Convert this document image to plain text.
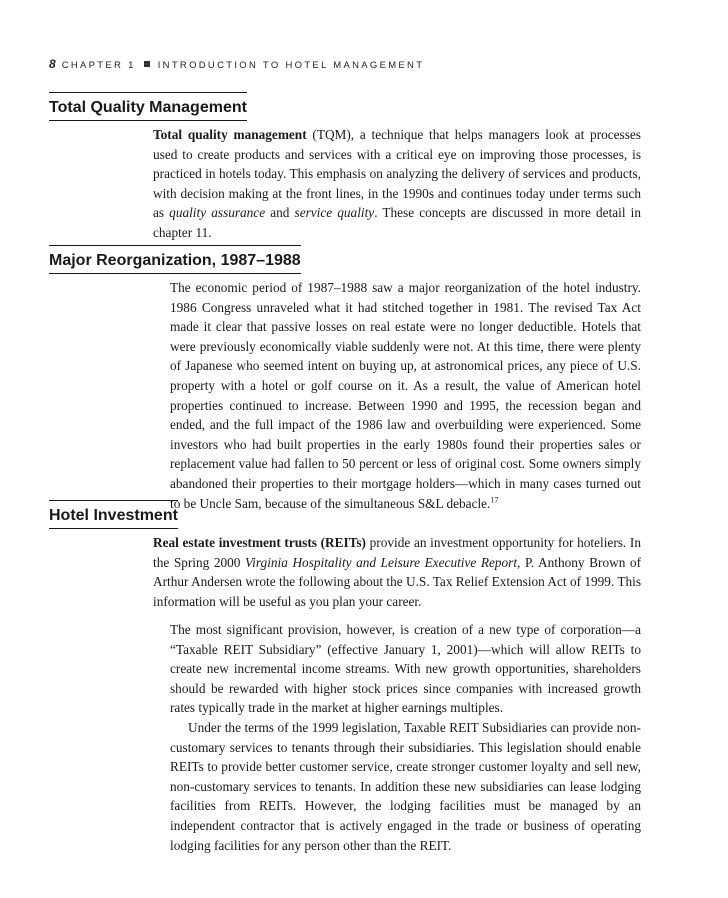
8 CHAPTER 1 INTRODUCTION TO HOTEL MANAGEMENT
Total Quality Management

Total quality management (TQM), a technique that helps managers look at processes used to create products and services with a critical eye on improving those processes, is practiced in hotels today. This emphasis on analyzing the delivery of services and products, with decision making at the front lines, in the 1990s and continues today under terms such as quality assurance and service quality. These concepts are discussed in more detail in chapter 11.

Major Reorganization, 1987–1988

The economic period of 1987–1988 saw a major reorganization of the hotel industry. 1986 Congress unraveled what it had stitched together in 1981. The revised Tax Act made it clear that passive losses on real estate were no longer deductible. Hotels that were previously economically viable suddenly were not. At this time, there were plenty of Japanese who seemed intent on buying up, at astronomical prices, any piece of U.S. property with a hotel or golf course on it. As a result, the value of American hotel properties continued to increase. Between 1990 and 1995, the recession began and ended, and the full impact of the 1986 law and overbuilding were experienced. Some investors who had built properties in the early 1980s found their properties sales or replacement value had fallen to 50 percent or less of original cost. Some owners simply abandoned their properties to their mortgage holders—which in many cases turned out to be Uncle Sam, because of the simultaneous S&L debacle.$^{17}$

Hotel Investment

Real estate investment trusts (REITs) provide an investment opportunity for hoteliers. In the Spring 2000 Virginia Hospitality and Leisure Executive Report, P. Anthony Brown of Arthur Andersen wrote the following about the U.S. Tax Relief Extension Act of 1999. This information will be useful as you plan your career.

The most significant provision, however, is creation of a new type of corporation—a “Taxable REIT Subsidiary” (effective January 1, 2001)—which will allow REITs to create new incremental income streams. With new growth opportunities, shareholders should be rewarded with higher stock prices since companies with increased growth rates typically trade in the market at higher earnings multiples.

Under the terms of the 1999 legislation, Taxable REIT Subsidiaries can provide non-customary services to tenants through their subsidiaries. This legislation should enable REITs to provide better customer service, create stronger customer loyalty and sell new, non-customary services to tenants. In addition these new subsidiaries can lease lodging facilities from REITs. However, the lodging facilities must be managed by an independent contractor that is actively engaged in the trade or business of operating lodging facilities for any person other than the REIT.
